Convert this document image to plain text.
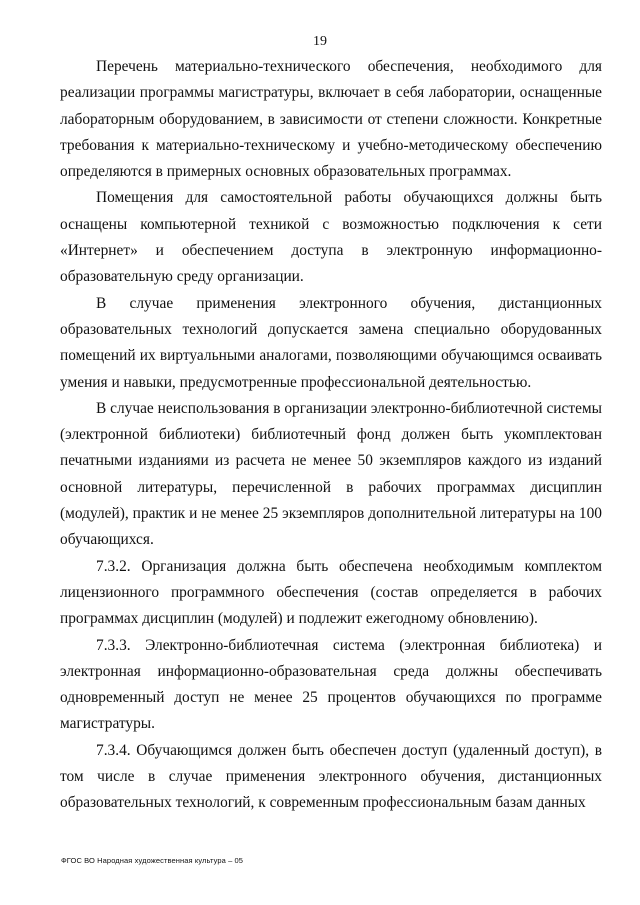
19

Перечень материально-технического обеспечения, необходимого для реализации программы магистратуры, включает в себя лаборатории, оснащенные лабораторным оборудованием, в зависимости от степени сложности. Конкретные требования к материально-техническому и учебно-методическому обеспечению определяются в примерных основных образовательных программах.

Помещения для самостоятельной работы обучающихся должны быть оснащены компьютерной техникой с возможностью подключения к сети «Интернет» и обеспечением доступа в электронную информационно-образовательную среду организации.

В случае применения электронного обучения, дистанционных образовательных технологий допускается замена специально оборудованных помещений их виртуальными аналогами, позволяющими обучающимся осваивать умения и навыки, предусмотренные профессиональной деятельностью.

В случае неиспользования в организации электронно-библиотечной системы (электронной библиотеки) библиотечный фонд должен быть укомплектован печатными изданиями из расчета не менее 50 экземпляров каждого из изданий основной литературы, перечисленной в рабочих программах дисциплин (модулей), практик и не менее 25 экземпляров дополнительной литературы на 100 обучающихся.

7.3.2. Организация должна быть обеспечена необходимым комплектом лицензионного программного обеспечения (состав определяется в рабочих программах дисциплин (модулей) и подлежит ежегодному обновлению).

7.3.3. Электронно-библиотечная система (электронная библиотека) и электронная информационно-образовательная среда должны обеспечивать одновременный доступ не менее 25 процентов обучающихся по программе магистратуры.

7.3.4. Обучающимся должен быть обеспечен доступ (удаленный доступ), в том числе в случае применения электронного обучения, дистанционных образовательных технологий, к современным профессиональным базам данных

ФГОС ВО Народная художественная культура – 05
